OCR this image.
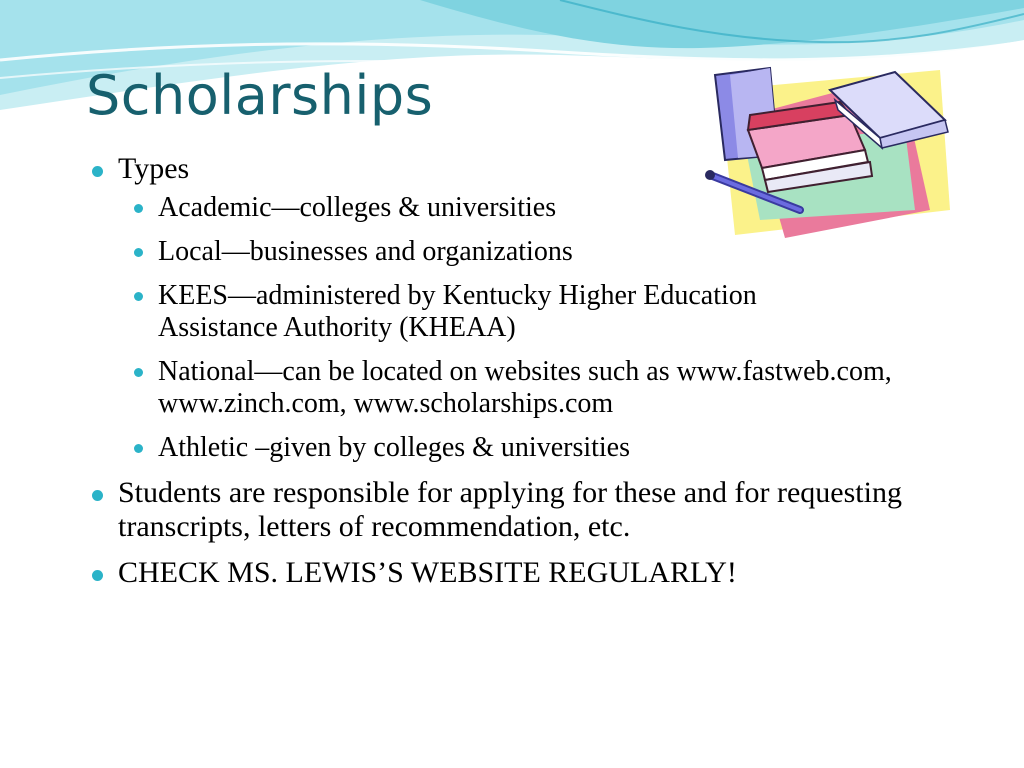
Scholarships
Types
Academic—colleges & universities
Local—businesses and organizations
KEES—administered by Kentucky Higher Education Assistance Authority (KHEAA)
National—can be located on websites such as www.fastweb.com, www.zinch.com, www.scholarships.com
Athletic –given by colleges & universities
Students are responsible for applying for these and for requesting transcripts, letters of recommendation, etc.
CHECK MS. LEWIS’S WEBSITE REGULARLY!
